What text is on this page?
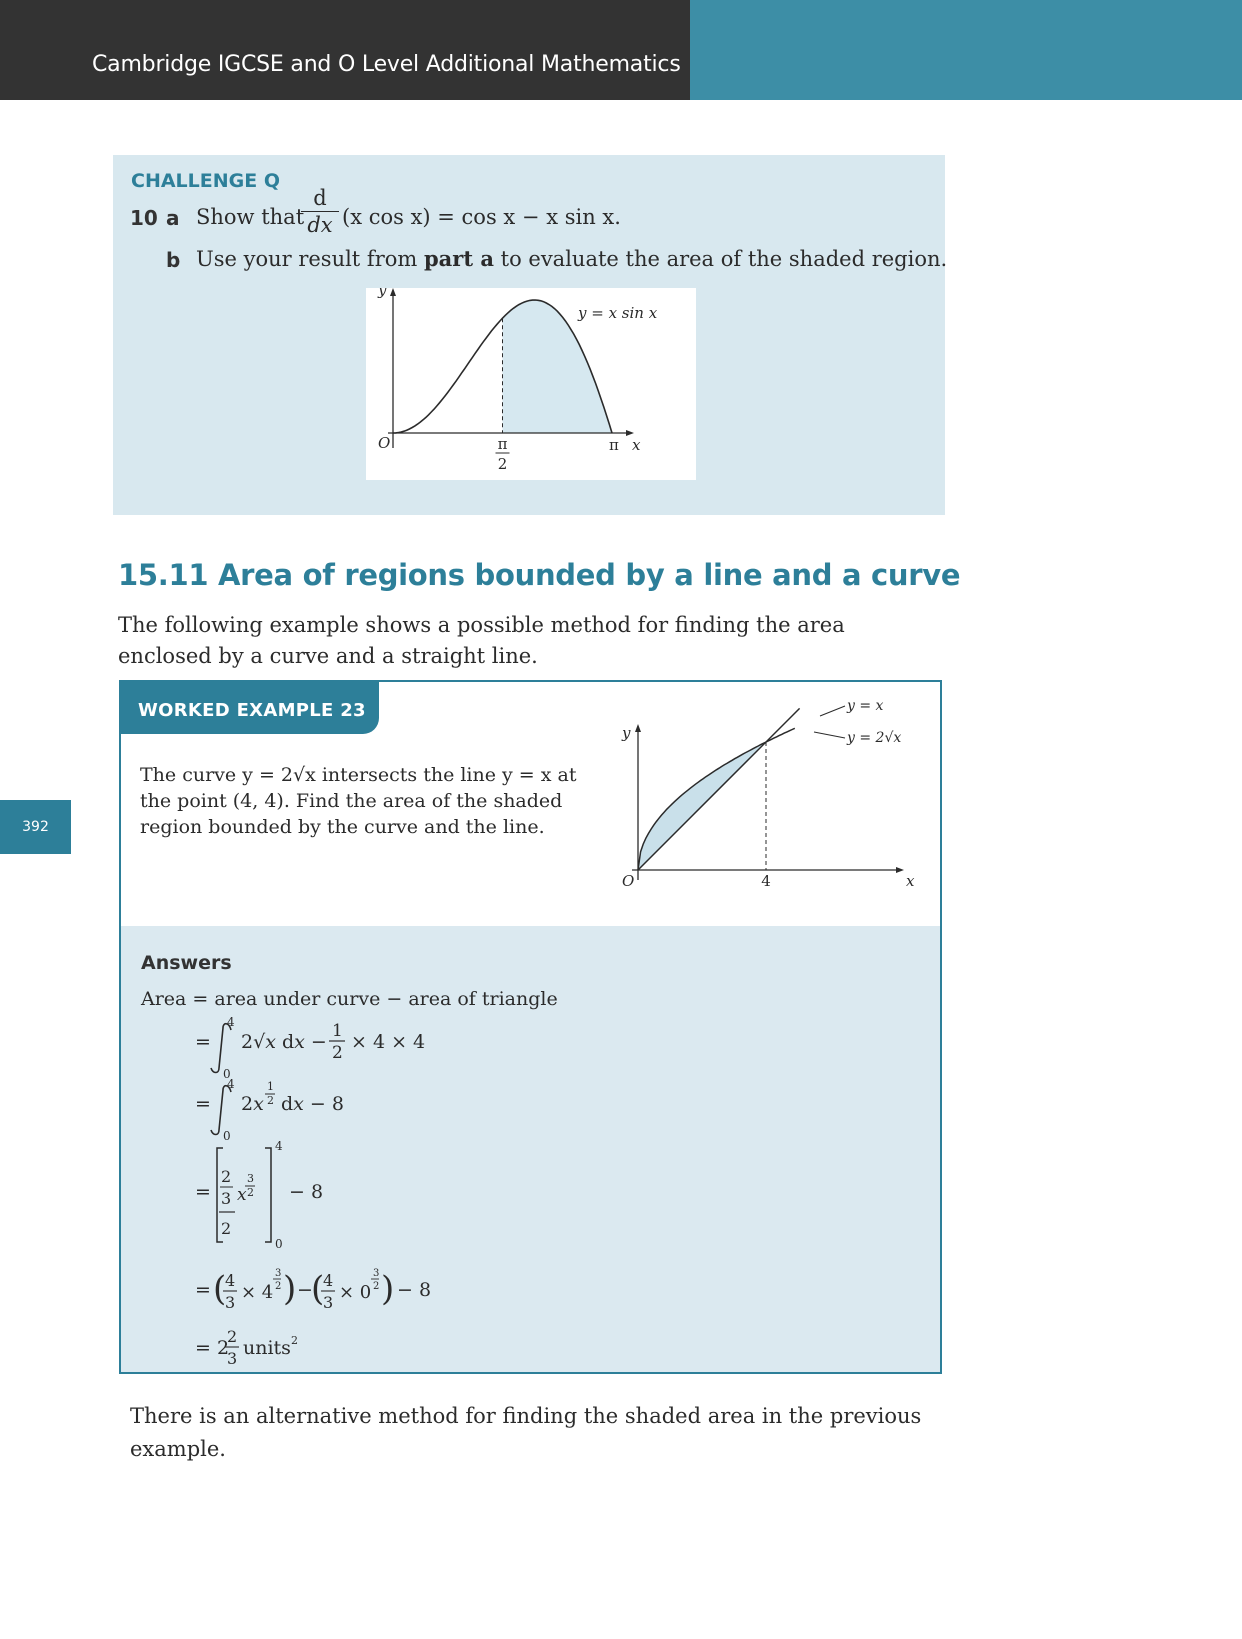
Cambridge IGCSE and O Level Additional Mathematics
CHALLENGE Q
10 a Show that
d
dx (x cos x) = cos x − x sin x.
b Use your result from part a to evaluate the area of the shaded region.
y
O	x
π
π
2
y = x sin x
15.11 Area of regions bounded by a line and a curve
The following example shows a possible method for finding the area enclosed by a curve and a straight line.
392
WORKED EXAMPLE 23
The curve y = 2√x intersects the line y = x at the point (4, 4). Find the area of the shaded region bounded by the curve and the line.
y
O	x
4
y = x
y = 2√x
Answers
Area = area under curve − area of triangle
=
4
0
2√x dx − 1
2 × 4 × 4
=
4
0
2x
1
2 dx − 8
=
4
0
2
3
2
x
3
2 − 8
= (
4
3 × 4
3
2 ) −
(
4
3 × 0
3
2 ) − 8
= 2
2
3 units 2
There is an alternative method for finding the shaded area in the previous example.
